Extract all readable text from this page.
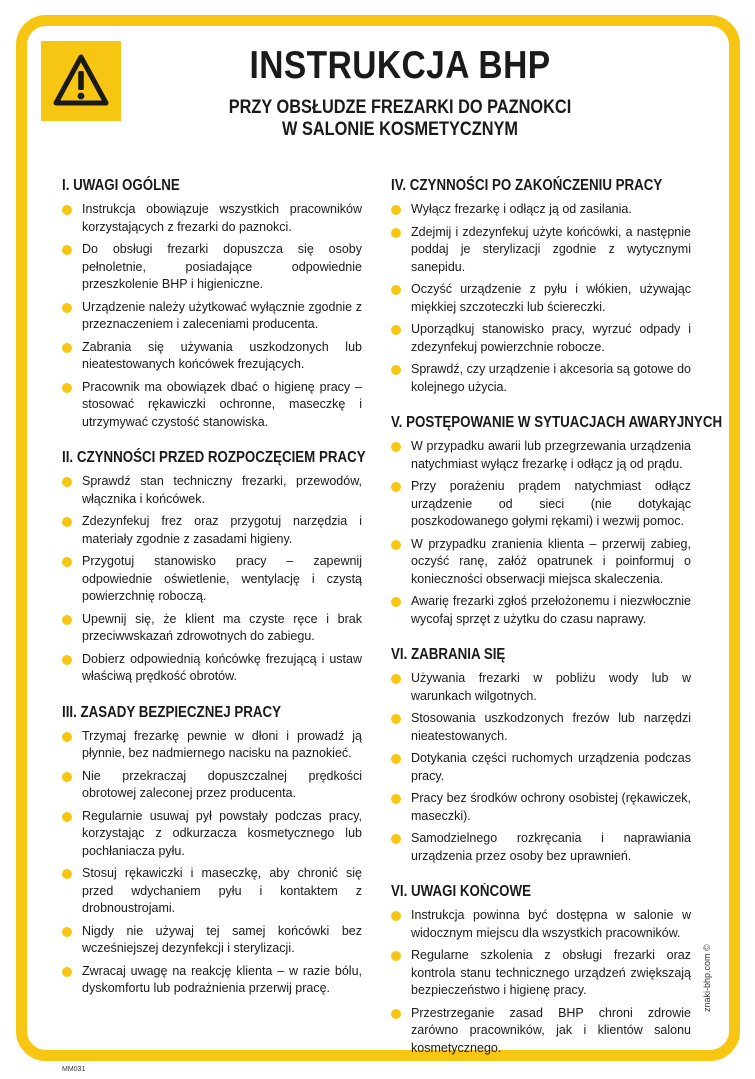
INSTRUKCJA BHP
PRZY OBSŁUDZE FREZARKI DO PAZNOKCI
W SALONIE KOSMETYCZNYM
I. UWAGI OGÓLNE
Instrukcja obowiązuje wszystkich pracowników korzystających z frezarki do paznokci.
Do obsługi frezarki dopuszcza się osoby pełnoletnie, posiadające odpowiednie przeszkolenie BHP i higieniczne.
Urządzenie należy użytkować wyłącznie zgodnie z przeznaczeniem i zaleceniami producenta.
Zabrania się używania uszkodzonych lub nieatestowanych końcówek frezujących.
Pracownik ma obowiązek dbać o higienę pracy – stosować rękawiczki ochronne, maseczkę i utrzymywać czystość stanowiska.
II. CZYNNOŚCI PRZED ROZPOCZĘCIEM PRACY
Sprawdź stan techniczny frezarki, przewodów, włącznika i końcówek.
Zdezynfekuj frez oraz przygotuj narzędzia i materiały zgodnie z zasadami higieny.
Przygotuj stanowisko pracy – zapewnij odpowiednie oświetlenie, wentylację i czystą powierzchnię roboczą.
Upewnij się, że klient ma czyste ręce i brak przeciwwskazań zdrowotnych do zabiegu.
Dobierz odpowiednią końcówkę frezującą i ustaw właściwą prędkość obrotów.
III. ZASADY BEZPIECZNEJ PRACY
Trzymaj frezarkę pewnie w dłoni i prowadź ją płynnie, bez nadmiernego nacisku na paznokieć.
Nie przekraczaj dopuszczalnej prędkości obrotowej zaleconej przez producenta.
Regularnie usuwaj pył powstały podczas pracy, korzystając z odkurzacza kosmetycznego lub pochłaniacza pyłu.
Stosuj rękawiczki i maseczkę, aby chronić się przed wdychaniem pyłu i kontaktem z drobnoustrojami.
Nigdy nie używaj tej samej końcówki bez wcześniejszej dezynfekcji i sterylizacji.
Zwracaj uwagę na reakcję klienta – w razie bólu, dyskomfortu lub podrażnienia przerwij pracę.
IV. CZYNNOŚCI PO ZAKOŃCZENIU PRACY
Wyłącz frezarkę i odłącz ją od zasilania.
Zdejmij i zdezynfekuj użyte końcówki, a następnie poddaj je sterylizacji zgodnie z wytycznymi sanepidu.
Oczyść urządzenie z pyłu i włókien, używając miękkiej szczoteczki lub ściereczki.
Uporządkuj stanowisko pracy, wyrzuć odpady i zdezynfekuj powierzchnie robocze.
Sprawdź, czy urządzenie i akcesoria są gotowe do kolejnego użycia.
V. POSTĘPOWANIE W SYTUACJACH AWARYJNYCH
W przypadku awarii lub przegrzewania urządzenia natychmiast wyłącz frezarkę i odłącz ją od prądu.
Przy porażeniu prądem natychmiast odłącz urządzenie od sieci (nie dotykając poszkodowanego gołymi rękami) i wezwij pomoc.
W przypadku zranienia klienta – przerwij zabieg, oczyść ranę, załóż opatrunek i poinformuj o konieczności obserwacji miejsca skaleczenia.
Awarię frezarki zgłoś przełożonemu i niezwłocznie wycofaj sprzęt z użytku do czasu naprawy.
VI. ZABRANIA SIĘ
Używania frezarki w pobliżu wody lub w warunkach wilgotnych.
Stosowania uszkodzonych frezów lub narzędzi nieatestowanych.
Dotykania części ruchomych urządzenia podczas pracy.
Pracy bez środków ochrony osobistej (rękawiczek, maseczki).
Samodzielnego rozkręcania i naprawiania urządzenia przez osoby bez uprawnień.
VI. UWAGI KOŃCOWE
Instrukcja powinna być dostępna w salonie w widocznym miejscu dla wszystkich pracowników.
Regularne szkolenia z obsługi frezarki oraz kontrola stanu technicznego urządzeń zwiększają bezpieczeństwo i higienę pracy.
Przestrzeganie zasad BHP chroni zdrowie zarówno pracowników, jak i klientów salonu kosmetycznego.
znaki-bhp.com ©
MM031
